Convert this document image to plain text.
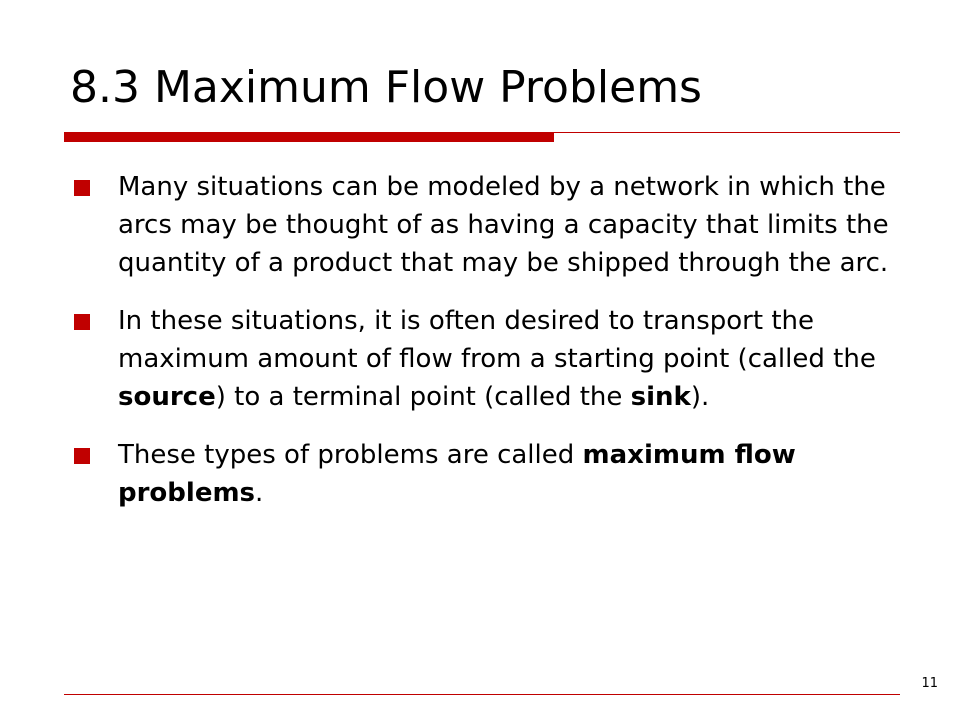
8.3 Maximum Flow Problems
Many situations can be modeled by a network in which the arcs may be thought of as having a capacity that limits the quantity of a product that may be shipped through the arc.
In these situations, it is often desired to transport the maximum amount of flow from a starting point (called the source) to a terminal point (called the sink).
These types of problems are called maximum flow problems.
11
